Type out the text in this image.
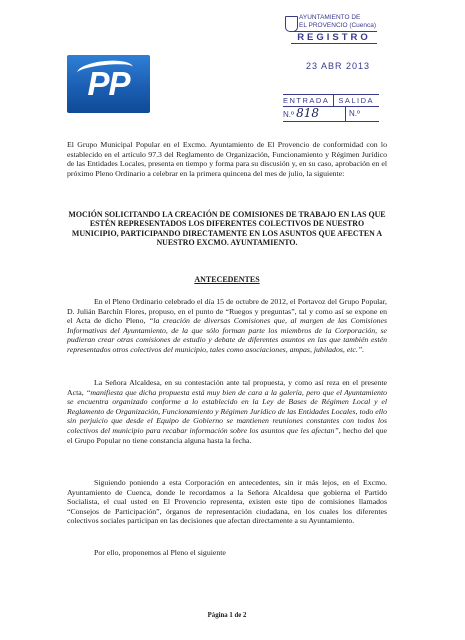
PP
AYUNTAMIENTO DE
EL PROVENCIO (Cuenca)
REGISTRO
23 ABR 2013
ENTRADA SALIDA
N.º 818	N.º

El Grupo Municipal Popular en el Excmo. Ayuntamiento de El Provencio de conformidad con lo establecido en el artículo 97.3 del Reglamento de Organización, Funcionamiento y Régimen Jurídico de las Entidades Locales, presenta en tiempo y forma para su discusión y, en su caso, aprobación en el próximo Pleno Ordinario a celebrar en la primera quincena del mes de julio, la siguiente:

MOCIÓN SOLICITANDO LA CREACIÓN DE COMISIONES DE TRABAJO EN LAS QUE ESTÉN REPRESENTADOS LOS DIFERENTES COLECTIVOS DE NUESTRO MUNICIPIO, PARTICIPANDO DIRECTAMENTE EN LOS ASUNTOS QUE AFECTEN A NUESTRO EXCMO. AYUNTAMIENTO.
ANTECEDENTES

En el Pleno Ordinario celebrado el día 15 de octubre de 2012, el Portavoz del Grupo Popular, D. Julián Barchín Flores, propuso, en el punto de “Ruegos y preguntas”, tal y como así se expone en el Acta de dicho Pleno, “la creación de diversas Comisiones que, al margen de las Comisiones Informativas del Ayuntamiento, de la que sólo forman parte los miembros de la Corporación, se pudieran crear otras comisiones de estudio y debate de diferentes asuntos en las que también estén representados otros colectivos del municipio, tales como asociaciones, ampas, jubilados, etc.”.

La Señora Alcaldesa, en su contestación ante tal propuesta, y como así reza en el presente Acta, “manifiesta que dicha propuesta está muy bien de cara a la galería, pero que el Ayuntamiento se encuentra organizado conforme a lo establecido en la Ley de Bases de Régimen Local y el Reglamento de Organización, Funcionamiento y Régimen Jurídico de las Entidades Locales, todo ello sin perjuicio que desde el Equipo de Gobierno se mantienen reuniones constantes con todos los colectivos del municipio para recabar información sobre los asuntos que les afectan”, hecho del que el Grupo Popular no tiene constancia alguna hasta la fecha.

Siguiendo poniendo a esta Corporación en antecedentes, sin ir más lejos, en el Excmo. Ayuntamiento de Cuenca, donde le recordamos a la Señora Alcaldesa que gobierna el Partido Socialista, el cual usted en El Provencio representa, existen este tipo de comisiones llamados “Consejos de Participación”, órganos de representación ciudadana, en los cuales los diferentes colectivos sociales participan en las decisiones que afectan directamente a su Ayuntamiento.

Por ello, proponemos al Pleno el siguiente

Página 1 de 2
